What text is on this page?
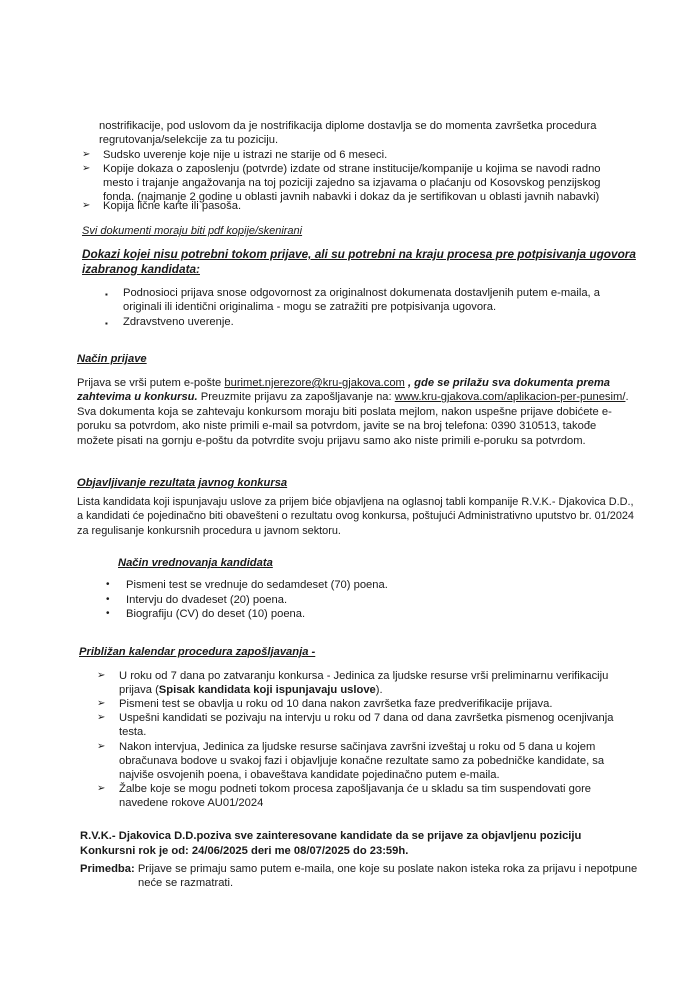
nostrifikacije, pod uslovom da je nostrifikacija diplome dostavlja se do momenta završetka procedura
regrutovanja/selekcije za tu poziciju.
➢ Sudsko uverenje koje nije u istrazi ne starije od 6 meseci.
➢ Kopije dokaza o zaposlenju (potvrde) izdate od strane institucije/kompanije u kojima se navodi radno
mesto i trajanje angažovanja na toj poziciji zajedno sa izjavama o plaćanju od Kosovskog penzijskog
fonda. (najmanje 2 godine u oblasti javnih nabavki i dokaz da je sertifikovan u oblasti javnih nabavki)
➢ Kopija lične karte ili pasoša.
Svi dokumenti moraju biti pdf kopije/skenirani
Dokazi kojei nisu potrebni tokom prijave, ali su potrebni na kraju procesa pre potpisivanja ugovora
izabranog kandidata:
▪ Podnosioci prijava snose odgovornost za originalnost dokumenata dostavljenih putem e-maila, a
originali ili identični originalima - mogu se zatražiti pre potpisivanja ugovora.
▪ Zdravstveno uverenje.
Način prijave
Prijava se vrši putem e-pošte burimet.njerezore@kru-gjakova.com , gde se prilažu sva dokumenta prema
zahtevima u konkursu. Preuzmite prijavu za zapošljavanje na: www.kru-gjakova.com/aplikacion-per-punesim/.
Sva dokumenta koja se zahtevaju konkursom moraju biti poslata mejlom, nakon uspešne prijave dobićete e-
poruku sa potvrdom, ako niste primili e-mail sa potvrdom, javite se na broj telefona: 0390 310513, takođe
možete pisati na gornju e-poštu da potvrdite svoju prijavu samo ako niste primili e-poruku sa potvrdom.
Objavljivanje rezultata javnog konkursa
Lista kandidata koji ispunjavaju uslove za prijem biće objavljena na oglasnoj tabli kompanije R.V.K.- Djakovica D.D.,
a kandidati će pojedinačno biti obavešteni o rezultatu ovog konkursa, poštujući Administrativno uputstvo br. 01/2024
za regulisanje konkursnih procedura u javnom sektoru.
Način vrednovanja kandidata
• Pismeni test se vrednuje do sedamdeset (70) poena.
• Intervju do dvadeset (20) poena.
• Biografiju (CV) do deset (10) poena.
Približan kalendar procedura zapošljavanja -
➢ U roku od 7 dana po zatvaranju konkursa - Jedinica za ljudske resurse vrši preliminarnu verifikaciju
prijava (Spisak kandidata koji ispunjavaju uslove).
➢ Pismeni test se obavlja u roku od 10 dana nakon završetka faze predverifikacije prijava.
➢ Uspešni kandidati se pozivaju na intervju u roku od 7 dana od dana završetka pismenog ocenjivanja
testa.
➢ Nakon intervjua, Jedinica za ljudske resurse sačinjava završni izveštaj u roku od 5 dana u kojem
obračunava bodove u svakoj fazi i objavljuje konačne rezultate samo za pobedničke kandidate, sa
najviše osvojenih poena, i obaveštava kandidate pojedinačno putem e-maila.
➢ Žalbe koje se mogu podneti tokom procesa zapošljavanja će u skladu sa tim suspendovati gore
navedene rokove AU01/2024
R.V.K.- Djakovica D.D.poziva sve zainteresovane kandidate da se prijave za objavljenu poziciju
Konkursni rok je od: 24/06/2025 deri me 08/07/2025 do 23:59h.
Primedba: Prijave se primaju samo putem e-maila, one koje su poslate nakon isteka roka za prijavu i nepotpune
neće se razmatrati.
